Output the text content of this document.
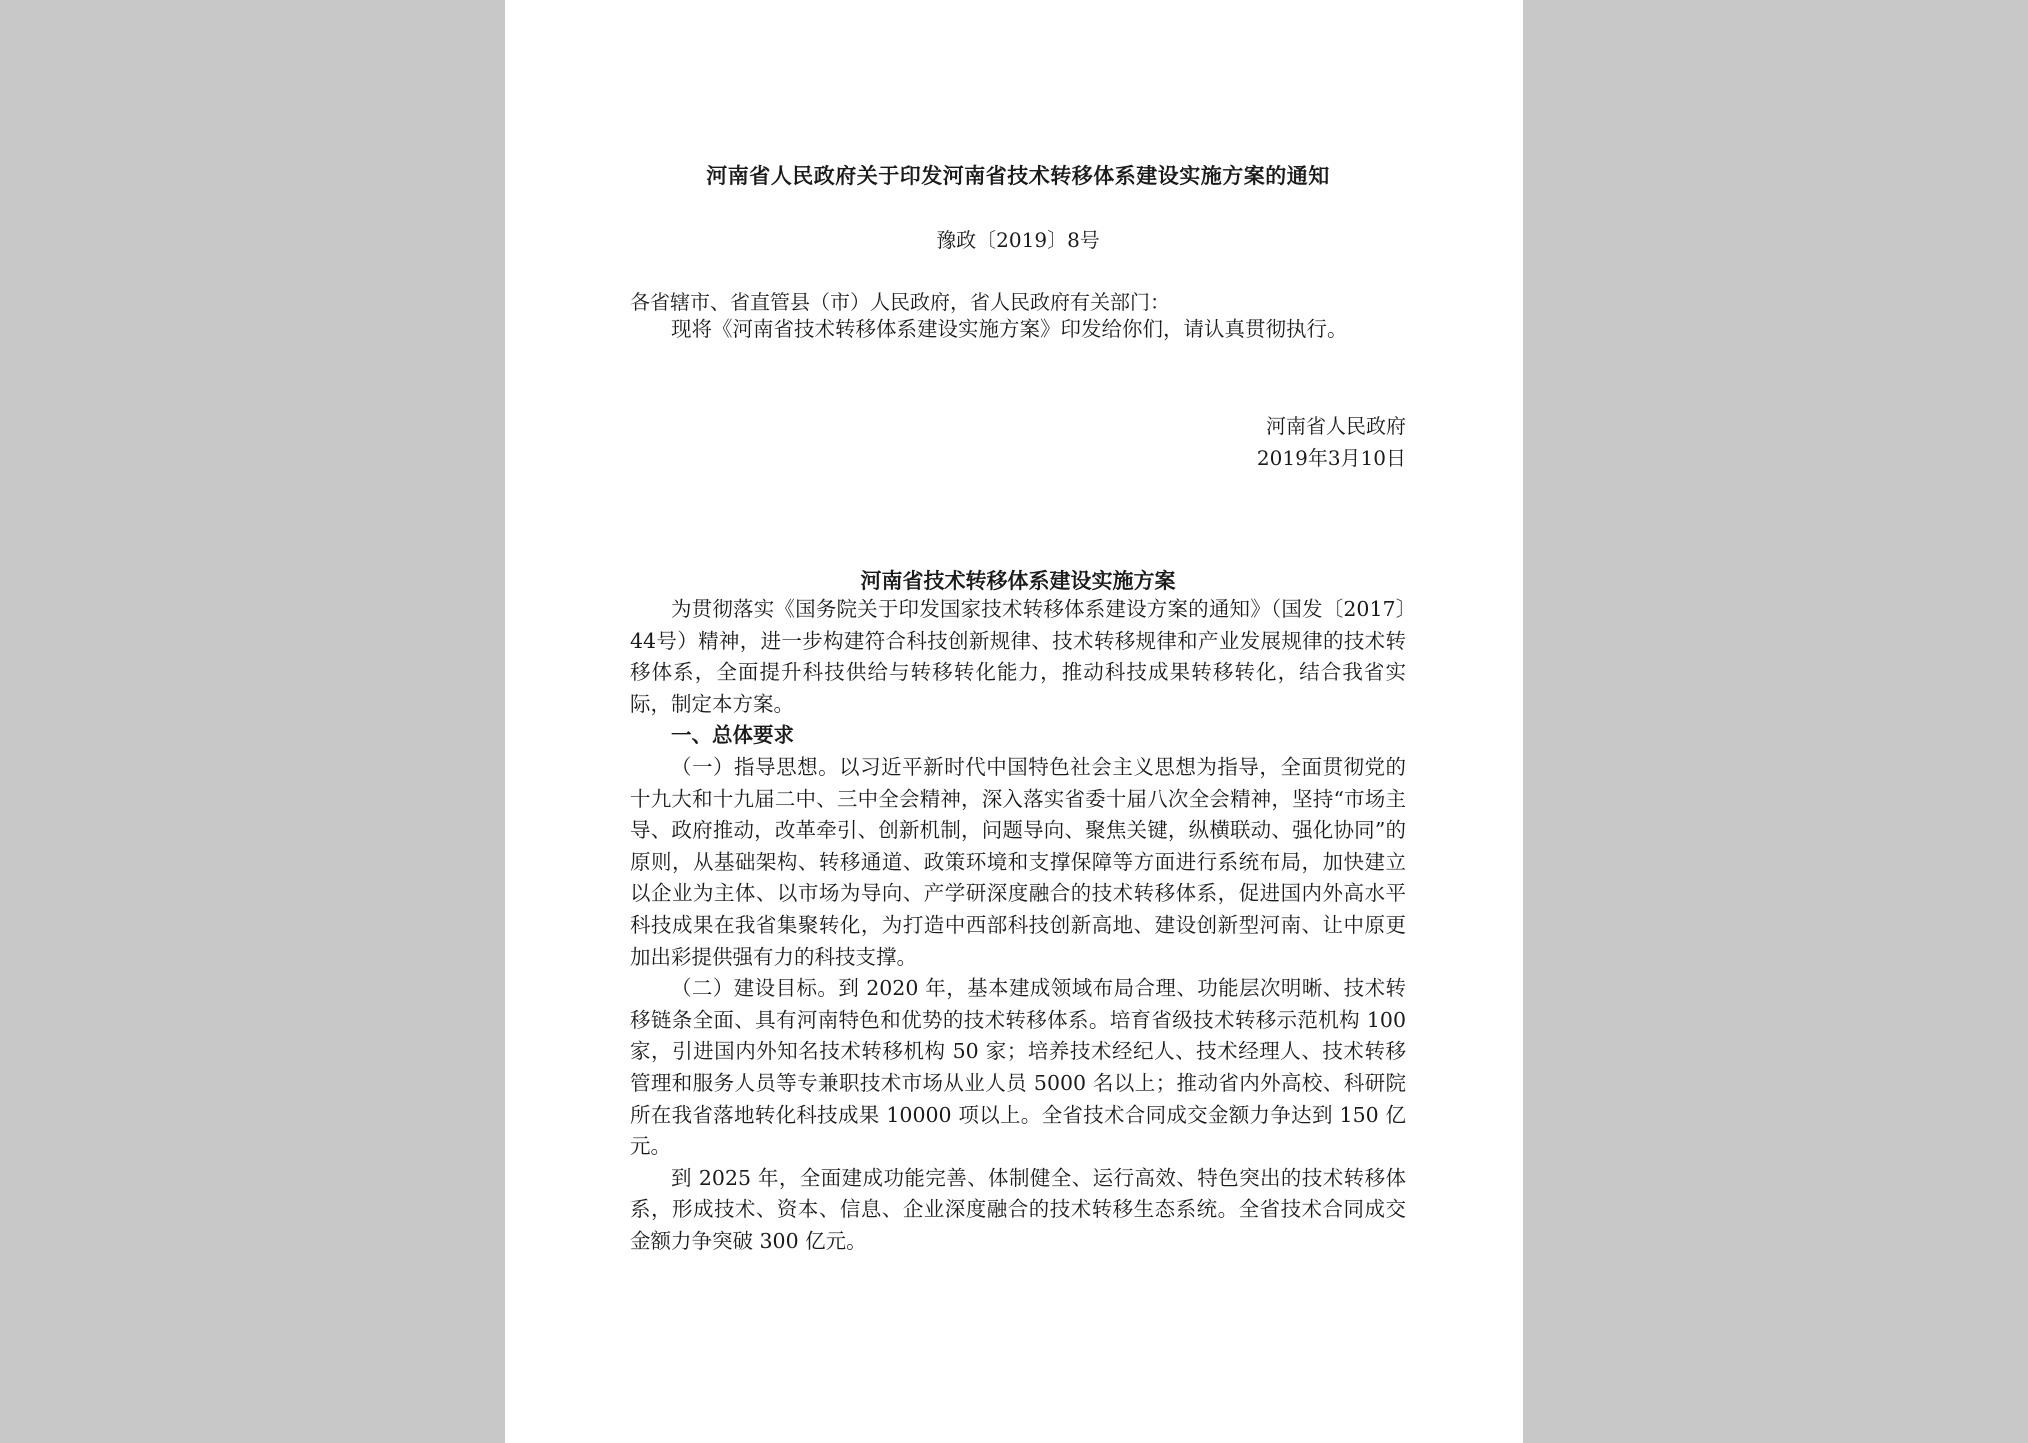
河南省人民政府关于印发河南省技术转移体系建设实施方案的通知
豫政〔2019〕8号
各省辖市、省直管县（市）人民政府，省人民政府有关部门：

现将《河南省技术转移体系建设实施方案》印发给你们，请认真贯彻执行。

河南省人民政府
2019年3月10日
河南省技术转移体系建设实施方案

为贯彻落实《国务院关于印发国家技术转移体系建设方案的通知》（国发〔2017〕44号）精神，进一步构建符合科技创新规律、技术转移规律和产业发展规律的技术转移体系，全面提升科技供给与转移转化能力，推动科技成果转移转化，结合我省实际，制定本方案。

一、总体要求

（一）指导思想。以习近平新时代中国特色社会主义思想为指导，全面贯彻党的十九大和十九届二中、三中全会精神，深入落实省委十届八次全会精神，坚持“市场主导、政府推动，改革牵引、创新机制，问题导向、聚焦关键，纵横联动、强化协同”的原则，从基础架构、转移通道、政策环境和支撑保障等方面进行系统布局，加快建立以企业为主体、以市场为导向、产学研深度融合的技术转移体系，促进国内外高水平科技成果在我省集聚转化，为打造中西部科技创新高地、建设创新型河南、让中原更加出彩提供强有力的科技支撑。

（二）建设目标。到 2020 年，基本建成领域布局合理、功能层次明晰、技术转移链条全面、具有河南特色和优势的技术转移体系。培育省级技术转移示范机构 100 家，引进国内外知名技术转移机构 50 家；培养技术经纪人、技术经理人、技术转移管理和服务人员等专兼职技术市场从业人员 5000 名以上；推动省内外高校、科研院所在我省落地转化科技成果 10000 项以上。全省技术合同成交金额力争达到 150 亿元。

到 2025 年，全面建成功能完善、体制健全、运行高效、特色突出的技术转移体系，形成技术、资本、信息、企业深度融合的技术转移生态系统。全省技术合同成交金额力争突破 300 亿元。
